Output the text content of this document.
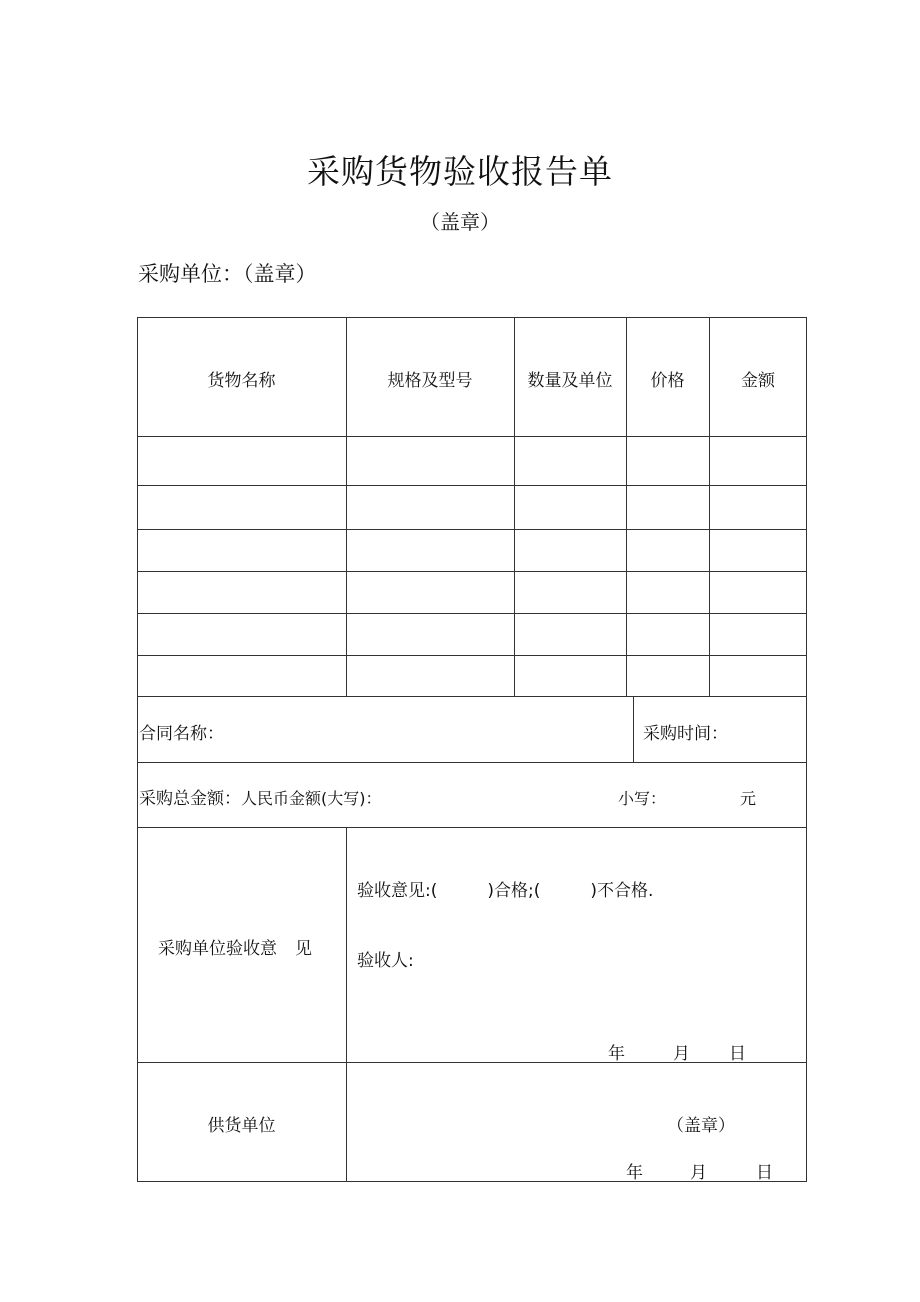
采购货物验收报告单
（盖章）
采购单位：（盖章）
货物名称	规格及型号	数量及单位	价格	金额
合同名称：	采购时间：
采购总金额：人民币金额(大写)：	小写：	元
采购单位验收意 见
验收意见:(	)合格;(	)不合格.
验收人:
年	月 日
供货单位	（盖章）
年	月	日
